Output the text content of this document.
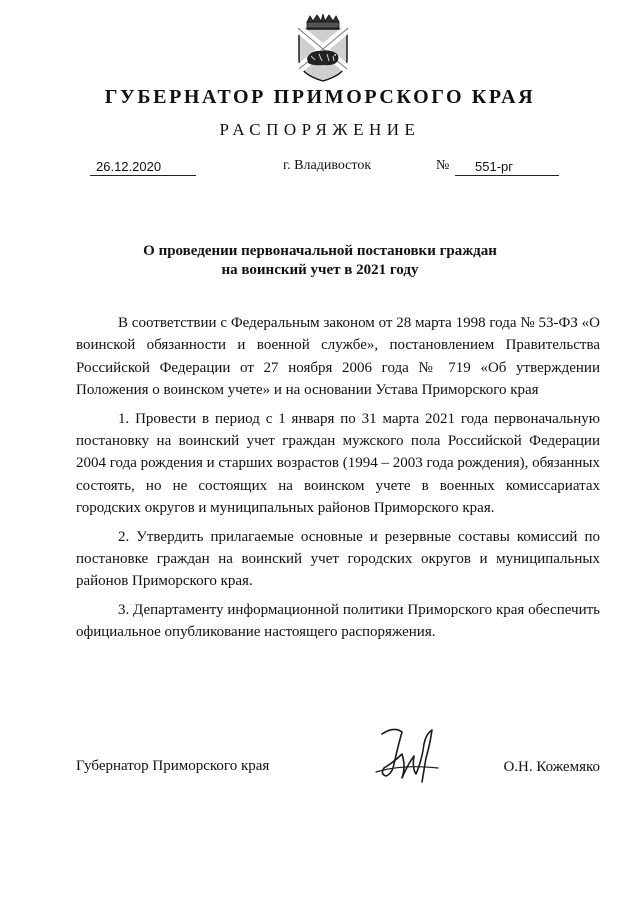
ГУБЕРНАТОР ПРИМОРСКОГО КРАЯ
РАСПОРЯЖЕНИЕ
26.12.2020	г. Владивосток	№	551-рг
О проведении первоначальной постановки граждан
на воинский учет в 2021 году

В соответствии с Федеральным законом от 28 марта 1998 года № 53-ФЗ «О воинской обязанности и военной службе», постановлением Правительства Российской Федерации от 27 ноября 2006 года № 719 «Об утверждении Положения о воинском учете» и на основании Устава Приморского края

1. Провести в период с 1 января по 31 марта 2021 года первоначальную постановку на воинский учет граждан мужского пола Российской Федерации 2004 года рождения и старших возрастов (1994 – 2003 года рождения), обязанных состоять, но не состоящих на воинском учете в военных комиссариатах городских округов и муниципальных районов Приморского края.

2. Утвердить прилагаемые основные и резервные составы комиссий по постановке граждан на воинский учет городских округов и муниципальных районов Приморского края.

3. Департаменту информационной политики Приморского края обеспечить официальное опубликование настоящего распоряжения.

Губернатор Приморского края	О.Н. Кожемяко
